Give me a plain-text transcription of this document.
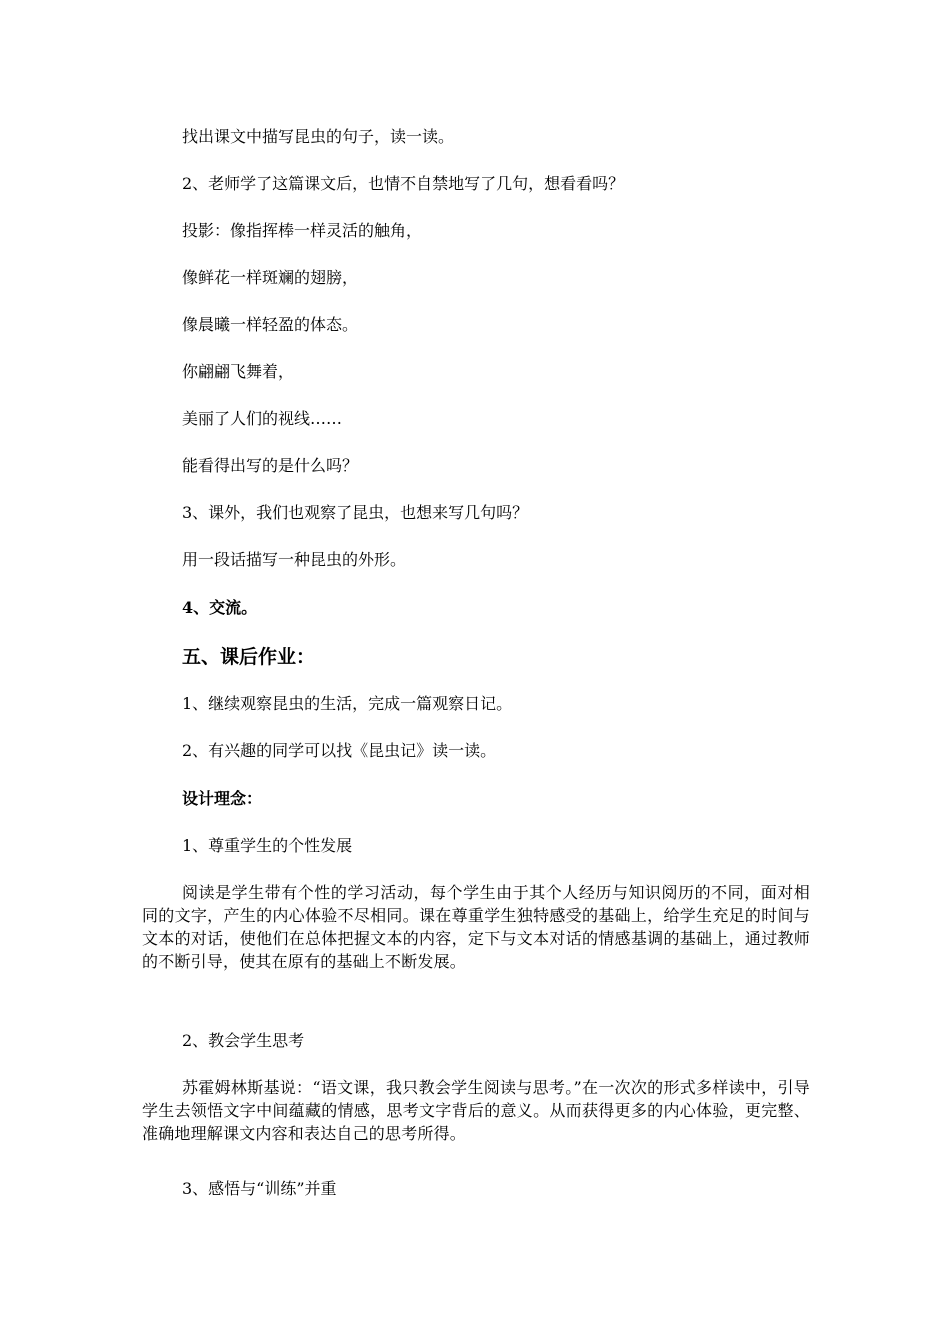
找出课文中描写昆虫的句子，读一读。
2、老师学了这篇课文后，也情不自禁地写了几句，想看看吗？
投影：像指挥棒一样灵活的触角，
像鲜花一样斑斓的翅膀，
像晨曦一样轻盈的体态。
你翩翩飞舞着，
美丽了人们的视线……
能看得出写的是什么吗？
3、课外，我们也观察了昆虫，也想来写几句吗？
用一段话描写一种昆虫的外形。
4、交流。
五、课后作业：
1、继续观察昆虫的生活，完成一篇观察日记。
2、有兴趣的同学可以找《昆虫记》读一读。
设计理念：
1、尊重学生的个性发展
阅读是学生带有个性的学习活动，每个学生由于其个人经历与知识阅历的不同，面对相同的文字，产生的内心体验不尽相同。课在尊重学生独特感受的基础上，给学生充足的时间与文本的对话，使他们在总体把握文本的内容，定下与文本对话的情感基调的基础上，通过教师的不断引导，使其在原有的基础上不断发展。
2、教会学生思考
苏霍姆林斯基说：“语文课，我只教会学生阅读与思考。”在一次次的形式多样读中，引导学生去领悟文字中间蕴藏的情感，思考文字背后的意义。从而获得更多的内心体验，更完整、准确地理解课文内容和表达自己的思考所得。
3、感悟与“训练”并重
